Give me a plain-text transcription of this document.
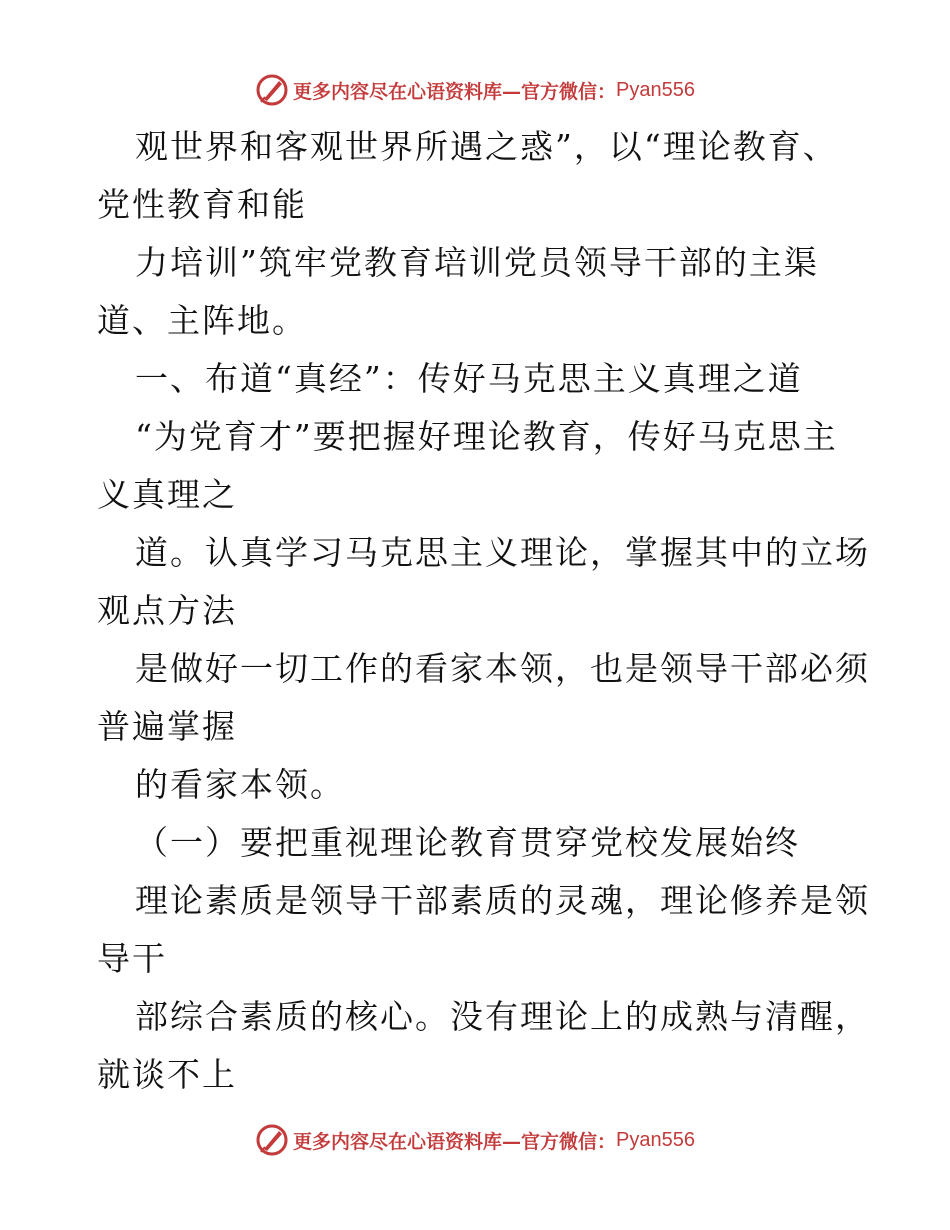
更多内容尽在心语资料库—官方微信： Pyan556
观世界和客观世界所遇之惑”，以“理论教育、
党性教育和能
力培训”筑牢党教育培训党员领导干部的主渠
道、主阵地。
一、布道“真经”：传好马克思主义真理之道
“为党育才”要把握好理论教育，传好马克思主
义真理之
道。认真学习马克思主义理论，掌握其中的立场
观点方法
是做好一切工作的看家本领，也是领导干部必须
普遍掌握
的看家本领。
（一）要把重视理论教育贯穿党校发展始终
理论素质是领导干部素质的灵魂，理论修养是领
导干
部综合素质的核心。没有理论上的成熟与清醒，
就谈不上
更多内容尽在心语资料库—官方微信： Pyan556
